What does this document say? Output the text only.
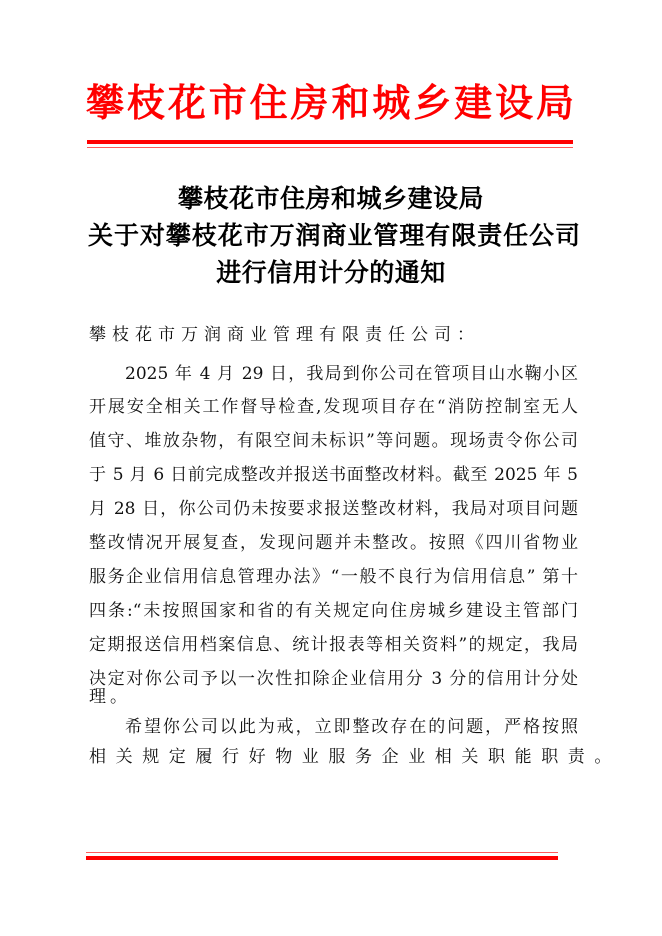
攀枝花市住房和城乡建设局
攀枝花市住房和城乡建设局
关于对攀枝花市万润商业管理有限责任公司
进行信用计分的通知
攀枝花市万润商业管理有限责任公司：
2025 年 4 月 29 日，我局到你公司在管项目山水鞠小区
开展安全相关工作督导检查,发现项目存在“消防控制室无人
值守、堆放杂物，有限空间未标识”等问题。现场责令你公司
于 5 月 6 日前完成整改并报送书面整改材料。截至 2025 年 5
月 28 日，你公司仍未按要求报送整改材料，我局对项目问题
整改情况开展复查，发现问题并未整改。按照《四川省物业
服务企业信用信息管理办法》“一般不良行为信用信息” 第十
四条:“未按照国家和省的有关规定向住房城乡建设主管部门
定期报送信用档案信息、统计报表等相关资料”的规定，我局
决定对你公司予以一次性扣除企业信用分 3 分的信用计分处
理。
希望你公司以此为戒，立即整改存在的问题，严格按照
相关规定履行好物业服务企业相关职能职责。
